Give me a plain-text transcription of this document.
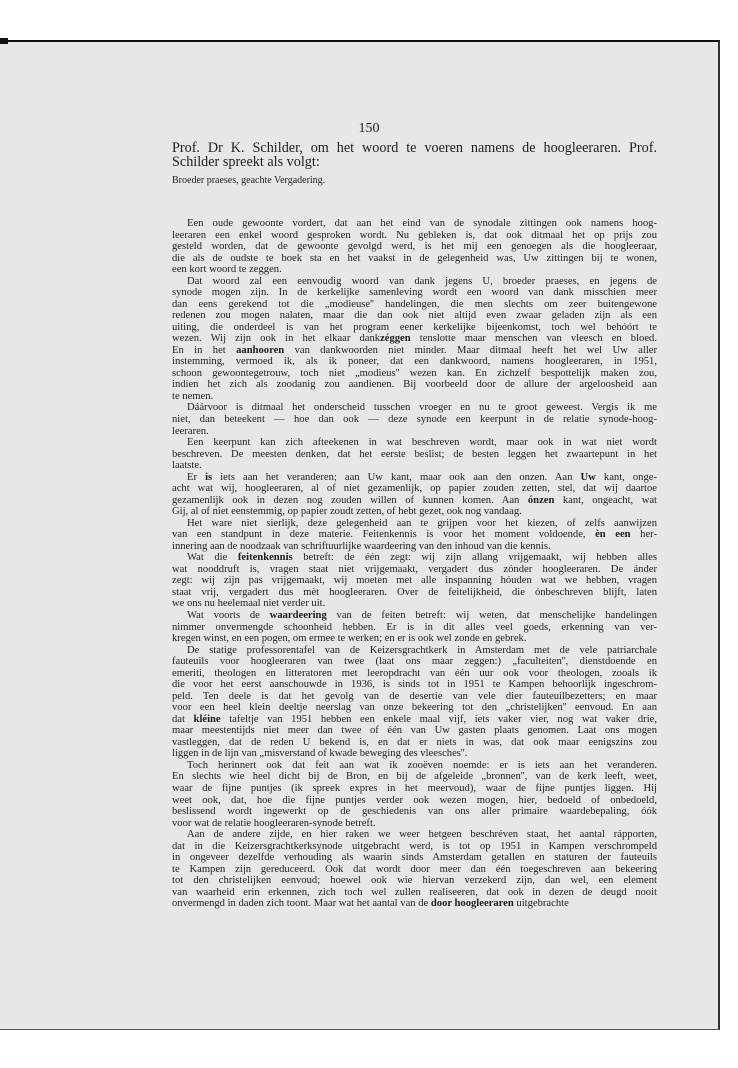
150
Prof. Dr K. Schilder, om het woord te voeren namens de hoogleeraren. Prof.
Schilder spreekt als volgt:
Broeder praeses, geachte Vergadering.
Een oude gewoonte vordert, dat aan het eind van de synodale zittingen ook namens hoog-
leeraren een enkel woord gesproken wordt. Nu gebleken is, dat ook ditmaal het op prijs zou
gesteld worden, dat de gewoonte gevolgd werd, is het mij een genoegen als die hoogleeraar,
die als de oudste te boek sta en het vaakst in de gelegenheid was, Uw zittingen bij te wonen,
een kort woord te zeggen.
Dat woord zal een eenvoudig woord van dank jegens U, broeder praeses, en jegens de
synode mogen zijn. In de kerkelijke samenleving wordt een woord van dank misschien meer
dan eens gerekend tot die „modieuse'' handelingen, die men slechts om zeer buitengewone
redenen zou mogen nalaten, maar die dan ook niet altijd even zwaar geladen zijn als een
uiting, die onderdeel is van het program eener kerkelijke bijeenkomst, toch wel behóórt te
wezen. Wij zijn ook in het elkaar dankzéggen tenslotte maar menschen van vleesch en bloed.
En in het aanhooren van dankwoorden niet minder. Maar ditmaal heeft het wel Uw aller
instemming, vermoed ik, als ik poneer, dat een dankwoord, namens hoogleeraren, in 1951,
schoon gewoontegetrouw, toch niet „modieus'' wezen kan. En zichzelf bespottelijk maken zou,
indien het zich als zoodanig zou aandienen. Bij voorbeeld door de allure der argeloosheid aan
te nemen.
Dáárvoor is ditmaal het onderscheid tusschen vroeger en nu te groot geweest. Vergis ik me
niet, dan beteekent — hoe dan ook — deze synode een keerpunt in de relatie synode-hoog-
leeraren.
Een keerpunt kan zich afteekenen in wat beschreven wordt, maar ook in wat niet wordt
beschreven. De meesten denken, dat het eerste beslist; de besten leggen het zwaartepunt in het
laatste.
Er is iets aan het veranderen; aan Uw kant, maar ook aan den onzen. Aan Uw kant, onge-
acht wat wij, hoogleeraren, al of niet gezamenlijk, op papier zouden zetten, stel, dat wij daartoe
gezamenlijk ook in dezen nog zouden willen of kunnen komen. Aan ónzen kant, ongeacht, wat
Gij, al of niet eenstemmig, op papier zoudt zetten, of hebt gezet, ook nog vandaag.
Het ware niet sierlijk, deze gelegenheid aan te grijpen voor het kiezen, of zelfs aanwijzen
van een standpunt in deze materie. Feitenkennis is voor het moment voldoende, èn een her-
innering aan de noodzaak van schriftuurlijke waardeering van den inhoud van die kennis.
Wat die feitenkennis betreft: de één zegt: wij zijn allang vrijgemaakt, wij hebben alles
wat nooddruft is, vragen staat niet vrijgemaakt, vergadert dus zónder hoogleeraren. De ánder
zegt: wij zijn pas vrijgemaakt, wij moeten met alle inspanning hóuden wat we hebben, vragen
staat vrij, vergadert dus mèt hoogleeraren. Over de feitelijkheid, die ónbeschreven blijft, laten
we ons nu heelemaal niet verder uit.
Wat voorts de waardeering van de feiten betreft: wij weten, dat menschelijke handelingen
nimmer onvermengde schoonheid hebben. Er is in dit alles veel goeds, erkenning van ver-
kregen winst, en een pogen, om ermee te werken; en er is ook wel zonde en gebrek.
De statige professorentafel van de Keizersgrachtkerk in Amsterdam met de vele patriarchale
fauteuils voor hoogleeraren van twee (laat ons maar zeggen:) „faculteiten'', dienstdoende en
emeriti, theologen en litteratoren met leeropdracht van één uur ook voor theologen, zooals ik
die voor het eerst aanschouwde in 1936, is sinds tot in 1951 te Kampen behoorlijk ingeschrom-
peld. Ten deele is dat het gevolg van de desertie van vele dier fauteuilbezetters; en maar
voor een heel klein deeltje neerslag van onze bekeering tot den „christelijken'' eenvoud. En aan
dat kléine tafeltje van 1951 hebben een enkele maal vijf, iets vaker vier, nog wat vaker drie,
maar meestentijds niet meer dan twee of één van Uw gasten plaats genomen. Laat ons mogen
vastleggen, dat de reden U bekend is, en dat er niets in was, dat ook maar eenigszins zou
liggen in de lijn van „misverstand of kwade beweging des vleesches''.
Toch herinnert ook dat feit aan wat ik zooëven noemde: er is iets aan het veranderen.
En slechts wie heel dicht bij de Bron, en bij de afgeleide „bronnen'', van de kerk leeft, weet,
waar de fijne puntjes (ik spreek expres in het meervoud), waar de fijne puntjes liggen. Hij
weet ook, dat, hoe die fijne puntjes verder ook wezen mogen, hier, bedoeld of onbedoeld,
beslissend wordt ingewerkt op de geschiedenis van ons aller primaire waardebepaling, óók
voor wat de relatie hoogleeraren-synode betreft.
Aan de andere zijde, en hier raken we weer hetgeen beschréven staat, het aantal rápporten,
dat in die Keizersgrachtkerksynode uitgebracht werd, is tot op 1951 in Kampen verschrompeld
in ongeveer dezelfde verhouding als waarin sinds Amsterdam getallen en staturen der fauteuils
te Kampen zijn gereduceerd. Ook dat wordt door meer dan één toegeschreven aan bekeering
tot den christelijken eenvoud; hoewel ook wie hiervan verzekerd zijn, dan wel, een element
van waarheid erin erkennen, zich toch wel zullen realiseeren, dat ook in dezen de deugd nooit
onvermengd in daden zich toont. Maar wat het aantal van de door hoogleeraren uitgebrachte
